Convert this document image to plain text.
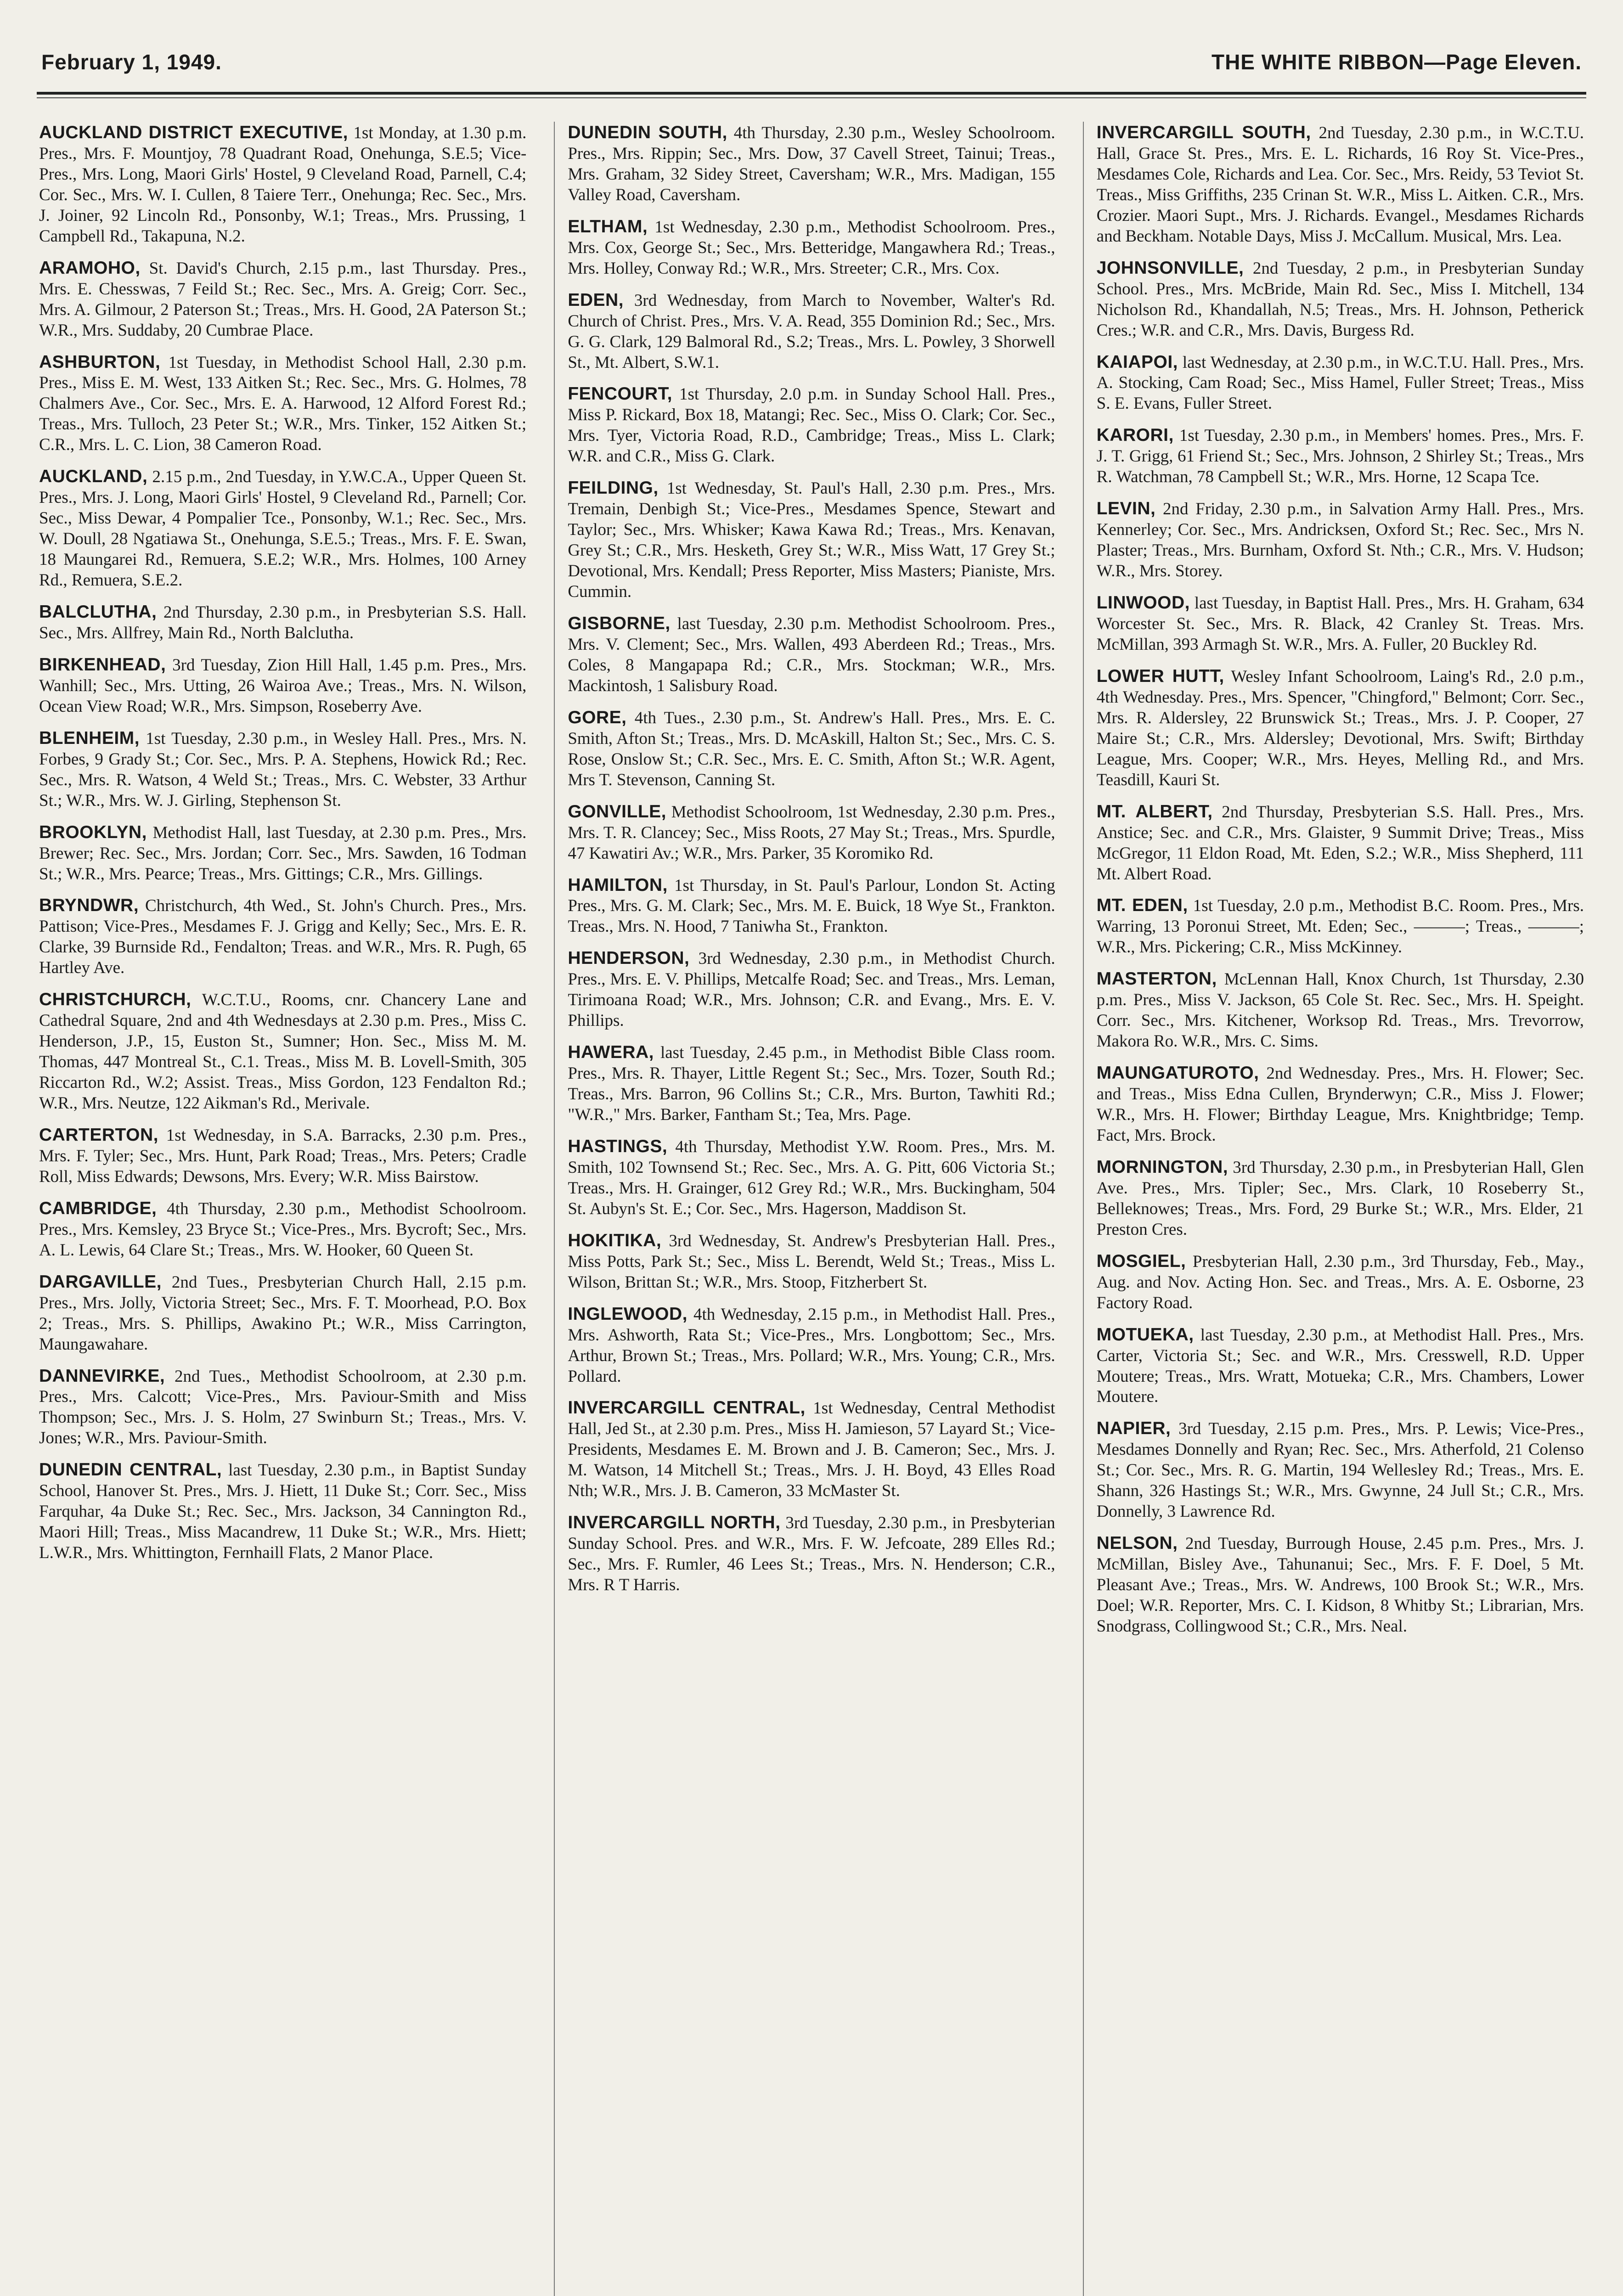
February 1, 1949.	THE WHITE RIBBON—Page Eleven.

AUCKLAND DISTRICT EXECUTIVE, 1st Monday, at 1.30 p.m. Pres., Mrs. F. Mountjoy, 78 Quadrant Road, Onehunga, S.E.5; Vice-Pres., Mrs. Long, Maori Girls' Hostel, 9 Cleveland Road, Parnell, C.4; Cor. Sec., Mrs. W. I. Cullen, 8 Taiere Terr., Onehunga; Rec. Sec., Mrs. J. Joiner, 92 Lincoln Rd., Ponsonby, W.1; Treas., Mrs. Prussing, 1 Campbell Rd., Takapuna, N.2.

ARAMOHO, St. David's Church, 2.15 p.m., last Thursday. Pres., Mrs. E. Chesswas, 7 Feild St.; Rec. Sec., Mrs. A. Greig; Corr. Sec., Mrs. A. Gilmour, 2 Paterson St.; Treas., Mrs. H. Good, 2A Paterson St.; W.R., Mrs. Suddaby, 20 Cumbrae Place.

ASHBURTON, 1st Tuesday, in Methodist School Hall, 2.30 p.m. Pres., Miss E. M. West, 133 Aitken St.; Rec. Sec., Mrs. G. Holmes, 78 Chalmers Ave., Cor. Sec., Mrs. E. A. Harwood, 12 Alford Forest Rd.; Treas., Mrs. Tulloch, 23 Peter St.; W.R., Mrs. Tinker, 152 Aitken St.; C.R., Mrs. L. C. Lion, 38 Cameron Road.

AUCKLAND, 2.15 p.m., 2nd Tuesday, in Y.W.C.A., Upper Queen St. Pres., Mrs. J. Long, Maori Girls' Hostel, 9 Cleveland Rd., Parnell; Cor. Sec., Miss Dewar, 4 Pompalier Tce., Ponsonby, W.1.; Rec. Sec., Mrs. W. Doull, 28 Ngatiawa St., Onehunga, S.E.5.; Treas., Mrs. F. E. Swan, 18 Maungarei Rd., Remuera, S.E.2; W.R., Mrs. Holmes, 100 Arney Rd., Remuera, S.E.2.

BALCLUTHA, 2nd Thursday, 2.30 p.m., in Presbyterian S.S. Hall. Sec., Mrs. Allfrey, Main Rd., North Balclutha.

BIRKENHEAD, 3rd Tuesday, Zion Hill Hall, 1.45 p.m. Pres., Mrs. Wanhill; Sec., Mrs. Utting, 26 Wairoa Ave.; Treas., Mrs. N. Wilson, Ocean View Road; W.R., Mrs. Simpson, Roseberry Ave.

BLENHEIM, 1st Tuesday, 2.30 p.m., in Wesley Hall. Pres., Mrs. N. Forbes, 9 Grady St.; Cor. Sec., Mrs. P. A. Stephens, Howick Rd.; Rec. Sec., Mrs. R. Watson, 4 Weld St.; Treas., Mrs. C. Webster, 33 Arthur St.; W.R., Mrs. W. J. Girling, Stephenson St.

BROOKLYN, Methodist Hall, last Tuesday, at 2.30 p.m. Pres., Mrs. Brewer; Rec. Sec., Mrs. Jordan; Corr. Sec., Mrs. Sawden, 16 Todman St.; W.R., Mrs. Pearce; Treas., Mrs. Gittings; C.R., Mrs. Gillings.

BRYNDWR, Christchurch, 4th Wed., St. John's Church. Pres., Mrs. Pattison; Vice-Pres., Mesdames F. J. Grigg and Kelly; Sec., Mrs. E. R. Clarke, 39 Burnside Rd., Fendalton; Treas. and W.R., Mrs. R. Pugh, 65 Hartley Ave.

CHRISTCHURCH, W.C.T.U., Rooms, cnr. Chancery Lane and Cathedral Square, 2nd and 4th Wednesdays at 2.30 p.m. Pres., Miss C. Henderson, J.P., 15, Euston St., Sumner; Hon. Sec., Miss M. M. Thomas, 447 Montreal St., C.1. Treas., Miss M. B. Lovell-Smith, 305 Riccarton Rd., W.2; Assist. Treas., Miss Gordon, 123 Fendalton Rd.; W.R., Mrs. Neutze, 122 Aikman's Rd., Merivale.

CARTERTON, 1st Wednesday, in S.A. Barracks, 2.30 p.m. Pres., Mrs. F. Tyler; Sec., Mrs. Hunt, Park Road; Treas., Mrs. Peters; Cradle Roll, Miss Edwards; Dewsons, Mrs. Every; W.R. Miss Bairstow.

CAMBRIDGE, 4th Thursday, 2.30 p.m., Methodist Schoolroom. Pres., Mrs. Kemsley, 23 Bryce St.; Vice-Pres., Mrs. Bycroft; Sec., Mrs. A. L. Lewis, 64 Clare St.; Treas., Mrs. W. Hooker, 60 Queen St.

DARGAVILLE, 2nd Tues., Presbyterian Church Hall, 2.15 p.m. Pres., Mrs. Jolly, Victoria Street; Sec., Mrs. F. T. Moorhead, P.O. Box 2; Treas., Mrs. S. Phillips, Awakino Pt.; W.R., Miss Carrington, Maungawahare.

DANNEVIRKE, 2nd Tues., Methodist Schoolroom, at 2.30 p.m. Pres., Mrs. Calcott; Vice-Pres., Mrs. Paviour-Smith and Miss Thompson; Sec., Mrs. J. S. Holm, 27 Swinburn St.; Treas., Mrs. V. Jones; W.R., Mrs. Paviour-Smith.

DUNEDIN CENTRAL, last Tuesday, 2.30 p.m., in Baptist Sunday School, Hanover St. Pres., Mrs. J. Hiett, 11 Duke St.; Corr. Sec., Miss Farquhar, 4a Duke St.; Rec. Sec., Mrs. Jackson, 34 Cannington Rd., Maori Hill; Treas., Miss Macandrew, 11 Duke St.; W.R., Mrs. Hiett; L.W.R., Mrs. Whittington, Fernhaill Flats, 2 Manor Place.

DUNEDIN SOUTH, 4th Thursday, 2.30 p.m., Wesley Schoolroom. Pres., Mrs. Rippin; Sec., Mrs. Dow, 37 Cavell Street, Tainui; Treas., Mrs. Graham, 32 Sidey Street, Caversham; W.R., Mrs. Madigan, 155 Valley Road, Caversham.

ELTHAM, 1st Wednesday, 2.30 p.m., Methodist Schoolroom. Pres., Mrs. Cox, George St.; Sec., Mrs. Betteridge, Mangawhera Rd.; Treas., Mrs. Holley, Conway Rd.; W.R., Mrs. Streeter; C.R., Mrs. Cox.

EDEN, 3rd Wednesday, from March to November, Walter's Rd. Church of Christ. Pres., Mrs. V. A. Read, 355 Dominion Rd.; Sec., Mrs. G. G. Clark, 129 Balmoral Rd., S.2; Treas., Mrs. L. Powley, 3 Shorwell St., Mt. Albert, S.W.1.

FENCOURT, 1st Thursday, 2.0 p.m. in Sunday School Hall. Pres., Miss P. Rickard, Box 18, Matangi; Rec. Sec., Miss O. Clark; Cor. Sec., Mrs. Tyer, Victoria Road, R.D., Cambridge; Treas., Miss L. Clark; W.R. and C.R., Miss G. Clark.

FEILDING, 1st Wednesday, St. Paul's Hall, 2.30 p.m. Pres., Mrs. Tremain, Denbigh St.; Vice-Pres., Mesdames Spence, Stewart and Taylor; Sec., Mrs. Whisker; Kawa Kawa Rd.; Treas., Mrs. Kenavan, Grey St.; C.R., Mrs. Hesketh, Grey St.; W.R., Miss Watt, 17 Grey St.; Devotional, Mrs. Kendall; Press Reporter, Miss Masters; Pianiste, Mrs. Cummin.

GISBORNE, last Tuesday, 2.30 p.m. Methodist Schoolroom. Pres., Mrs. V. Clement; Sec., Mrs. Wallen, 493 Aberdeen Rd.; Treas., Mrs. Coles, 8 Mangapapa Rd.; C.R., Mrs. Stockman; W.R., Mrs. Mackintosh, 1 Salisbury Road.

GORE, 4th Tues., 2.30 p.m., St. Andrew's Hall. Pres., Mrs. E. C. Smith, Afton St.; Treas., Mrs. D. McAskill, Halton St.; Sec., Mrs. C. S. Rose, Onslow St.; C.R. Sec., Mrs. E. C. Smith, Afton St.; W.R. Agent, Mrs T. Stevenson, Canning St.

GONVILLE, Methodist Schoolroom, 1st Wednesday, 2.30 p.m. Pres., Mrs. T. R. Clancey; Sec., Miss Roots, 27 May St.; Treas., Mrs. Spurdle, 47 Kawatiri Av.; W.R., Mrs. Parker, 35 Koromiko Rd.

HAMILTON, 1st Thursday, in St. Paul's Parlour, London St. Acting Pres., Mrs. G. M. Clark; Sec., Mrs. M. E. Buick, 18 Wye St., Frankton. Treas., Mrs. N. Hood, 7 Taniwha St., Frankton.

HENDERSON, 3rd Wednesday, 2.30 p.m., in Methodist Church. Pres., Mrs. E. V. Phillips, Metcalfe Road; Sec. and Treas., Mrs. Leman, Tirimoana Road; W.R., Mrs. Johnson; C.R. and Evang., Mrs. E. V. Phillips.

HAWERA, last Tuesday, 2.45 p.m., in Methodist Bible Class room. Pres., Mrs. R. Thayer, Little Regent St.; Sec., Mrs. Tozer, South Rd.; Treas., Mrs. Barron, 96 Collins St.; C.R., Mrs. Burton, Tawhiti Rd.; "W.R.," Mrs. Barker, Fantham St.; Tea, Mrs. Page.

HASTINGS, 4th Thursday, Methodist Y.W. Room. Pres., Mrs. M. Smith, 102 Townsend St.; Rec. Sec., Mrs. A. G. Pitt, 606 Victoria St.; Treas., Mrs. H. Grainger, 612 Grey Rd.; W.R., Mrs. Buckingham, 504 St. Aubyn's St. E.; Cor. Sec., Mrs. Hagerson, Maddison St.

HOKITIKA, 3rd Wednesday, St. Andrew's Presbyterian Hall. Pres., Miss Potts, Park St.; Sec., Miss L. Berendt, Weld St.; Treas., Miss L. Wilson, Brittan St.; W.R., Mrs. Stoop, Fitzherbert St.

INGLEWOOD, 4th Wednesday, 2.15 p.m., in Methodist Hall. Pres., Mrs. Ashworth, Rata St.; Vice-Pres., Mrs. Longbottom; Sec., Mrs. Arthur, Brown St.; Treas., Mrs. Pollard; W.R., Mrs. Young; C.R., Mrs. Pollard.

INVERCARGILL CENTRAL, 1st Wednesday, Central Methodist Hall, Jed St., at 2.30 p.m. Pres., Miss H. Jamieson, 57 Layard St.; Vice-Presidents, Mesdames E. M. Brown and J. B. Cameron; Sec., Mrs. J. M. Watson, 14 Mitchell St.; Treas., Mrs. J. H. Boyd, 43 Elles Road Nth; W.R., Mrs. J. B. Cameron, 33 McMaster St.

INVERCARGILL NORTH, 3rd Tuesday, 2.30 p.m., in Presbyterian Sunday School. Pres. and W.R., Mrs. F. W. Jefcoate, 289 Elles Rd.; Sec., Mrs. F. Rumler, 46 Lees St.; Treas., Mrs. N. Henderson; C.R., Mrs. R T Harris.

INVERCARGILL SOUTH, 2nd Tuesday, 2.30 p.m., in W.C.T.U. Hall, Grace St. Pres., Mrs. E. L. Richards, 16 Roy St. Vice-Pres., Mesdames Cole, Richards and Lea. Cor. Sec., Mrs. Reidy, 53 Teviot St. Treas., Miss Griffiths, 235 Crinan St. W.R., Miss L. Aitken. C.R., Mrs. Crozier. Maori Supt., Mrs. J. Richards. Evangel., Mesdames Richards and Beckham. Notable Days, Miss J. McCallum. Musical, Mrs. Lea.

JOHNSONVILLE, 2nd Tuesday, 2 p.m., in Presbyterian Sunday School. Pres., Mrs. McBride, Main Rd. Sec., Miss I. Mitchell, 134 Nicholson Rd., Khandallah, N.5; Treas., Mrs. H. Johnson, Petherick Cres.; W.R. and C.R., Mrs. Davis, Burgess Rd.

KAIAPOI, last Wednesday, at 2.30 p.m., in W.C.T.U. Hall. Pres., Mrs. A. Stocking, Cam Road; Sec., Miss Hamel, Fuller Street; Treas., Miss S. E. Evans, Fuller Street.

KARORI, 1st Tuesday, 2.30 p.m., in Members' homes. Pres., Mrs. F. J. T. Grigg, 61 Friend St.; Sec., Mrs. Johnson, 2 Shirley St.; Treas., Mrs R. Watchman, 78 Campbell St.; W.R., Mrs. Horne, 12 Scapa Tce.

LEVIN, 2nd Friday, 2.30 p.m., in Salvation Army Hall. Pres., Mrs. Kennerley; Cor. Sec., Mrs. Andricksen, Oxford St.; Rec. Sec., Mrs N. Plaster; Treas., Mrs. Burnham, Oxford St. Nth.; C.R., Mrs. V. Hudson; W.R., Mrs. Storey.

LINWOOD, last Tuesday, in Baptist Hall. Pres., Mrs. H. Graham, 634 Worcester St. Sec., Mrs. R. Black, 42 Cranley St. Treas. Mrs. McMillan, 393 Armagh St. W.R., Mrs. A. Fuller, 20 Buckley Rd.

LOWER HUTT, Wesley Infant Schoolroom, Laing's Rd., 2.0 p.m., 4th Wednesday. Pres., Mrs. Spencer, "Chingford," Belmont; Corr. Sec., Mrs. R. Aldersley, 22 Brunswick St.; Treas., Mrs. J. P. Cooper, 27 Maire St.; C.R., Mrs. Aldersley; Devotional, Mrs. Swift; Birthday League, Mrs. Cooper; W.R., Mrs. Heyes, Melling Rd., and Mrs. Teasdill, Kauri St.

MT. ALBERT, 2nd Thursday, Presbyterian S.S. Hall. Pres., Mrs. Anstice; Sec. and C.R., Mrs. Glaister, 9 Summit Drive; Treas., Miss McGregor, 11 Eldon Road, Mt. Eden, S.2.; W.R., Miss Shepherd, 111 Mt. Albert Road.

MT. EDEN, 1st Tuesday, 2.0 p.m., Methodist B.C. Room. Pres., Mrs. Warring, 13 Poronui Street, Mt. Eden; Sec., ———; Treas., ———; W.R., Mrs. Pickering; C.R., Miss McKinney.

MASTERTON, McLennan Hall, Knox Church, 1st Thursday, 2.30 p.m. Pres., Miss V. Jackson, 65 Cole St. Rec. Sec., Mrs. H. Speight. Corr. Sec., Mrs. Kitchener, Worksop Rd. Treas., Mrs. Trevorrow, Makora Ro. W.R., Mrs. C. Sims.

MAUNGATUROTO, 2nd Wednesday. Pres., Mrs. H. Flower; Sec. and Treas., Miss Edna Cullen, Brynderwyn; C.R., Miss J. Flower; W.R., Mrs. H. Flower; Birthday League, Mrs. Knightbridge; Temp. Fact, Mrs. Brock.

MORNINGTON, 3rd Thursday, 2.30 p.m., in Presbyterian Hall, Glen Ave. Pres., Mrs. Tipler; Sec., Mrs. Clark, 10 Roseberry St., Belleknowes; Treas., Mrs. Ford, 29 Burke St.; W.R., Mrs. Elder, 21 Preston Cres.

MOSGIEL, Presbyterian Hall, 2.30 p.m., 3rd Thursday, Feb., May., Aug. and Nov. Acting Hon. Sec. and Treas., Mrs. A. E. Osborne, 23 Factory Road.

MOTUEKA, last Tuesday, 2.30 p.m., at Methodist Hall. Pres., Mrs. Carter, Victoria St.; Sec. and W.R., Mrs. Cresswell, R.D. Upper Moutere; Treas., Mrs. Wratt, Motueka; C.R., Mrs. Chambers, Lower Moutere.

NAPIER, 3rd Tuesday, 2.15 p.m. Pres., Mrs. P. Lewis; Vice-Pres., Mesdames Donnelly and Ryan; Rec. Sec., Mrs. Atherfold, 21 Colenso St.; Cor. Sec., Mrs. R. G. Martin, 194 Wellesley Rd.; Treas., Mrs. E. Shann, 326 Hastings St.; W.R., Mrs. Gwynne, 24 Jull St.; C.R., Mrs. Donnelly, 3 Lawrence Rd.

NELSON, 2nd Tuesday, Burrough House, 2.45 p.m. Pres., Mrs. J. McMillan, Bisley Ave., Tahunanui; Sec., Mrs. F. F. Doel, 5 Mt. Pleasant Ave.; Treas., Mrs. W. Andrews, 100 Brook St.; W.R., Mrs. Doel; W.R. Reporter, Mrs. C. I. Kidson, 8 Whitby St.; Librarian, Mrs. Snodgrass, Collingwood St.; C.R., Mrs. Neal.
